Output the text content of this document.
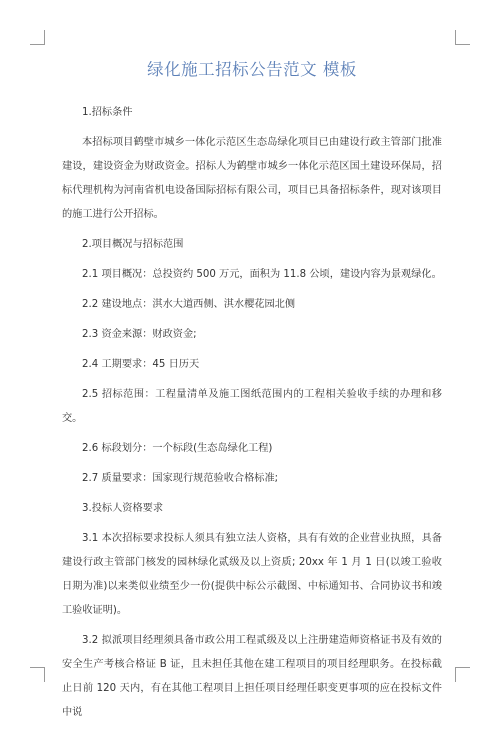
绿化施工招标公告范文 模板

1.招标条件

本招标项目鹤壁市城乡一体化示范区生态岛绿化项目已由建设行政主管部门批准建设，建设资金为财政资金。招标人为鹤壁市城乡一体化示范区国土建设环保局，招标代理机构为河南省机电设备国际招标有限公司，项目已具备招标条件，现对该项目的施工进行公开招标。

2.项目概况与招标范围

2.1 项目概况：总投资约 500 万元，面积为 11.8 公顷，建设内容为景观绿化。

2.2 建设地点：淇水大道西侧、淇水樱花园北侧

2.3 资金来源：财政资金;

2.4 工期要求：45 日历天

2.5 招标范围：工程量清单及施工图纸范围内的工程相关验收手续的办理和移交。

2.6 标段划分：一个标段(生态岛绿化工程)

2.7 质量要求：国家现行规范验收合格标准;

3.投标人资格要求

3.1 本次招标要求投标人须具有独立法人资格，具有有效的企业营业执照，具备建设行政主管部门核发的园林绿化贰级及以上资质; 20xx 年 1 月 1 日(以竣工验收日期为准)以来类似业绩至少一份(提供中标公示截图、中标通知书、合同协议书和竣工验收证明)。

3.2 拟派项目经理须具备市政公用工程贰级及以上注册建造师资格证书及有效的安全生产考核合格证 B 证，且未担任其他在建工程项目的项目经理职务。在投标截止日前 120 天内，有在其他工程项目上担任项目经理任职变更事项的应在投标文件中说
